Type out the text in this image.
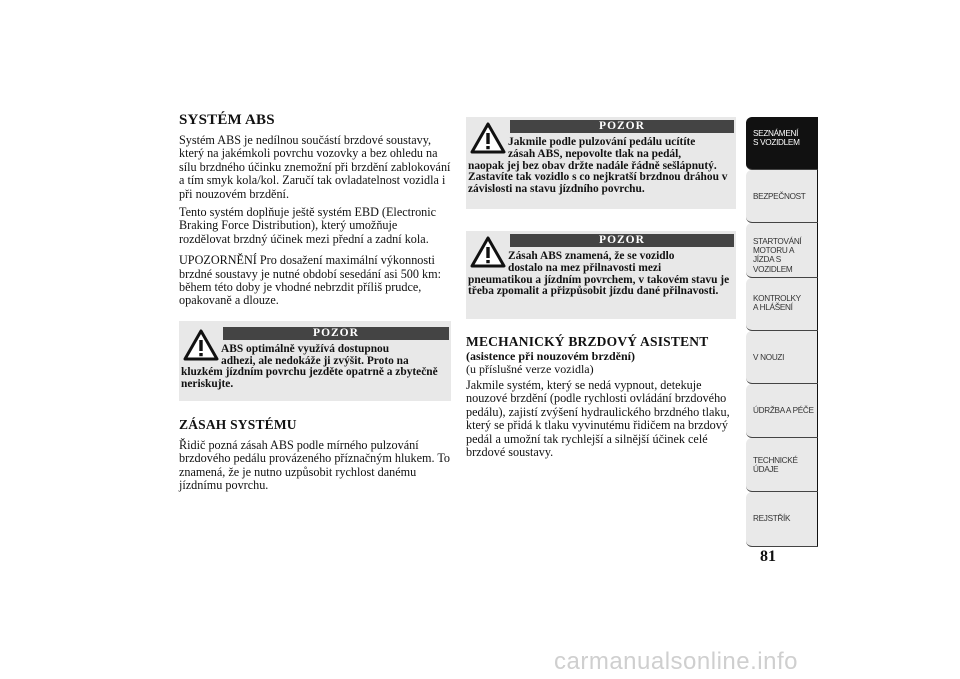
SYSTÉM ABS

Systém ABS je nedílnou součástí brzdové soustavy, který na jakémkoli povrchu vozovky a bez ohledu na sílu brzdného účinku znemožní při brzdění zablokování a tím smyk kola/kol. Zaručí tak ovladatelnost vozidla i při nouzovém brzdění.

Tento systém doplňuje ještě systém EBD (Electronic Braking Force Distribution), který umožňuje rozdělovat brzdný účinek mezi přední a zadní kola.

UPOZORNĚNÍ Pro dosažení maximální výkonnosti brzdné soustavy je nutné období sesedání asi 500 km: během této doby je vhodné nebrzdit příliš prudce, opakovaně a dlouze.

POZOR
ABS optimálně využívá dostupnou
adhezi, ale nedokáže ji zvýšit. Proto na
kluzkém jízdním povrchu jezděte opatrně a zbytečně neriskujte.
ZÁSAH SYSTÉMU

Řidič pozná zásah ABS podle mírného pulzování brzdového pedálu provázeného příznačným hlukem. To znamená, že je nutno uzpůsobit rychlost danému jízdnímu povrchu.

POZOR
Jakmile podle pulzování pedálu ucítíte
zásah ABS, nepovolte tlak na pedál,
naopak jej bez obav držte nadále řádně sešlápnutý. Zastavíte tak vozidlo s co nejkratší brzdnou dráhou v závislosti na stavu jízdního povrchu.
POZOR
Zásah ABS znamená, že se vozidlo
dostalo na mez přilnavosti mezi
pneumatikou a jízdním povrchem, v takovém stavu je třeba zpomalit a přizpůsobit jízdu dané přilnavosti.
MECHANICKÝ BRZDOVÝ ASISTENT
(asistence při nouzovém brzdění)
(u příslušné verze vozidla)

Jakmile systém, který se nedá vypnout, detekuje nouzové brzdění (podle rychlosti ovládání brzdového pedálu), zajistí zvýšení hydraulického brzdného tlaku, který se přidá k tlaku vyvinutému řidičem na brzdový pedál a umožní tak rychlejší a silnější účinek celé brzdové soustavy.

SEZNÁMENÍ S VOZIDLEM
BEZPEČNOST
STARTOVÁNÍ MOTORU A JÍZDA S VOZIDLEM
KONTROLKY A HLÁŠENÍ
V NOUZI
ÚDRŽBA A PÉČE
TECHNICKÉ ÚDAJE
REJSTŘÍK
81
carmanualsonline.info
